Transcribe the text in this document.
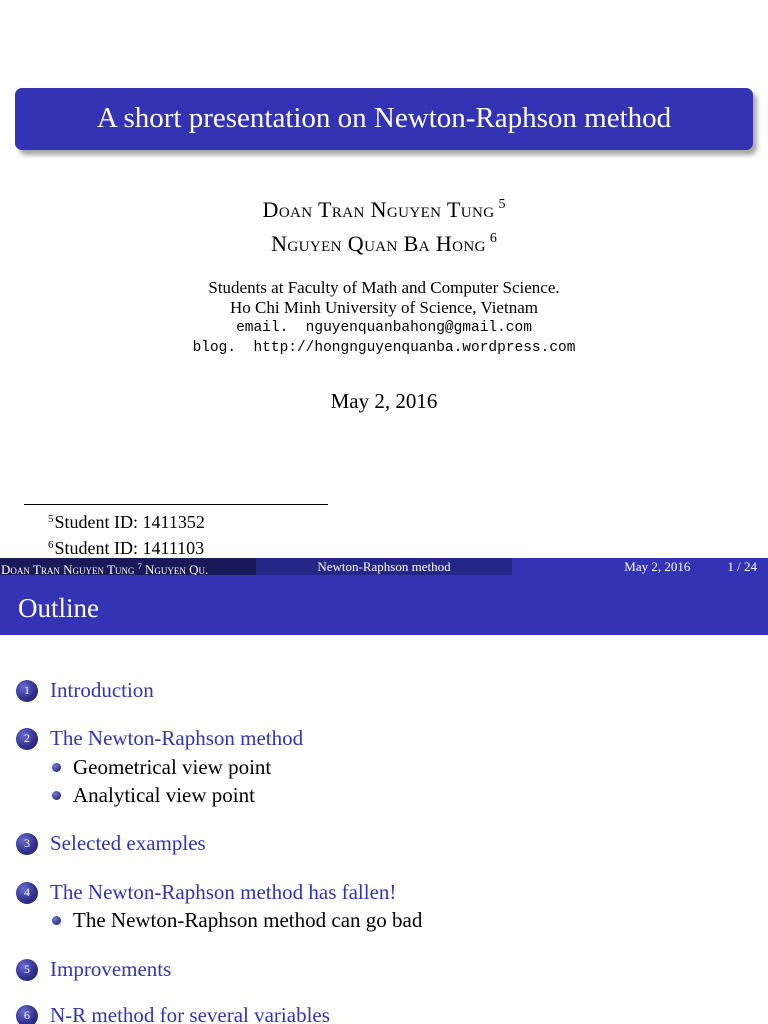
A short presentation on Newton-Raphson method
Doan Tran Nguyen Tung $^5$
Nguyen Quan Ba Hong $^6$
Students at Faculty of Math and Computer Science.
Ho Chi Minh University of Science, Vietnam
email.  nguyenquanbahong@gmail.com
blog.  http://hongnguyenquanba.wordpress.com
May 2, 2016
$^5$Student ID: 1411352
$^6$Student ID: 1411103
Doan Tran Nguyen Tung $^7$ Nguyen Qu.	Newton-Raphson method	May 2, 2016	1 / 24
Outline
1 Introduction
2 The Newton-Raphson method
Geometrical view point
Analytical view point
3 Selected examples
4 The Newton-Raphson method has fallen!
The Newton-Raphson method can go bad
5 Improvements
6 N-R method for several variables
